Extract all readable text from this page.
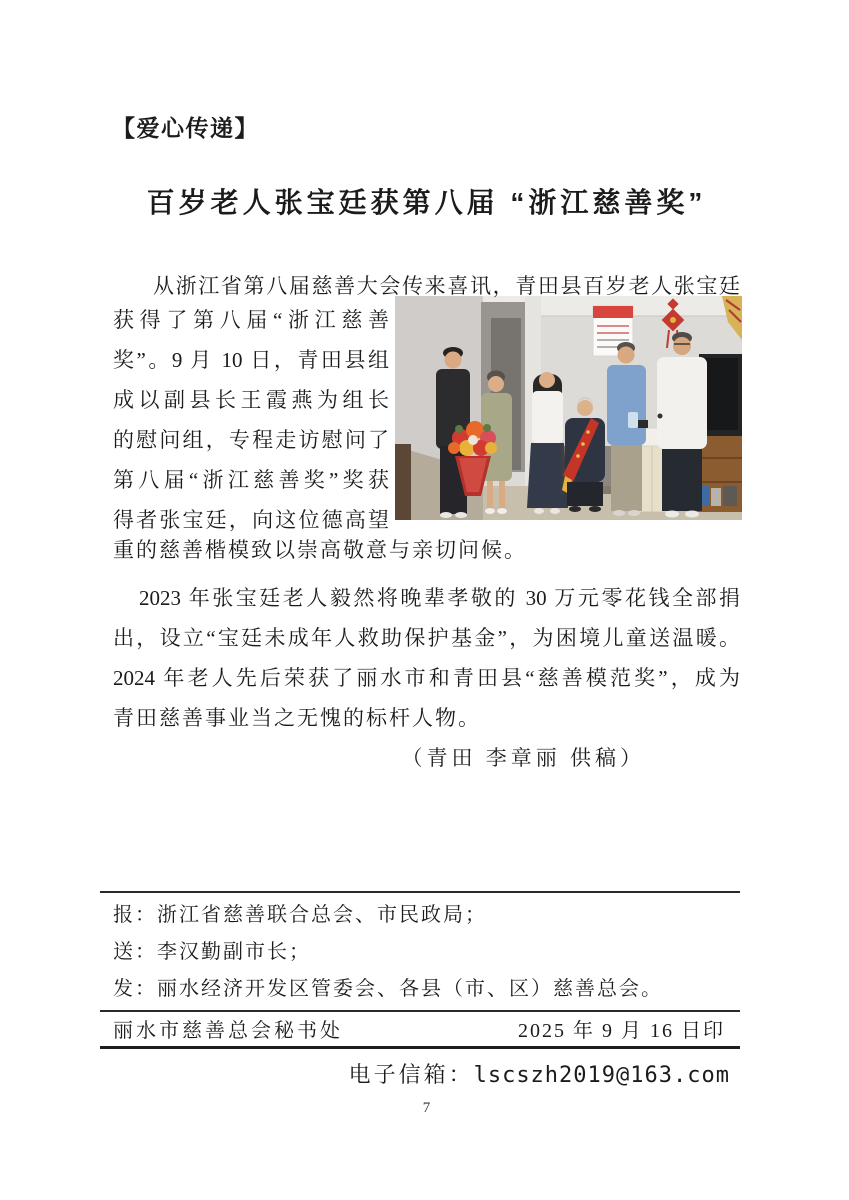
【爱心传递】
百岁老人张宝廷获第八届 “浙江慈善奖”
从浙江省第八届慈善大会传来喜讯，青田县百岁老人张宝廷
获得了第八届“浙江慈善
奖”。9 月 10 日，青田县组
成以副县长王霞燕为组长
的慰问组，专程走访慰问了
第八届“浙江慈善奖”奖获
得者张宝廷，向这位德高望
重的慈善楷模致以崇高敬意与亲切问候。
2023 年张宝廷老人毅然将晚辈孝敬的 30 万元零花钱全部捐
出，设立“宝廷未成年人救助保护基金”，为困境儿童送温暖。
2024 年老人先后荣获了丽水市和青田县“慈善模范奖”，成为
青田慈善事业当之无愧的标杆人物。
（青田 李章丽 供稿）
报：浙江省慈善联合总会、市民政局；
送：李汉勤副市长；
发：丽水经济开发区管委会、各县（市、区）慈善总会。
丽水市慈善总会秘书处	2025 年 9 月 16 日印
电子信箱：lscszh2019@163.com
7
